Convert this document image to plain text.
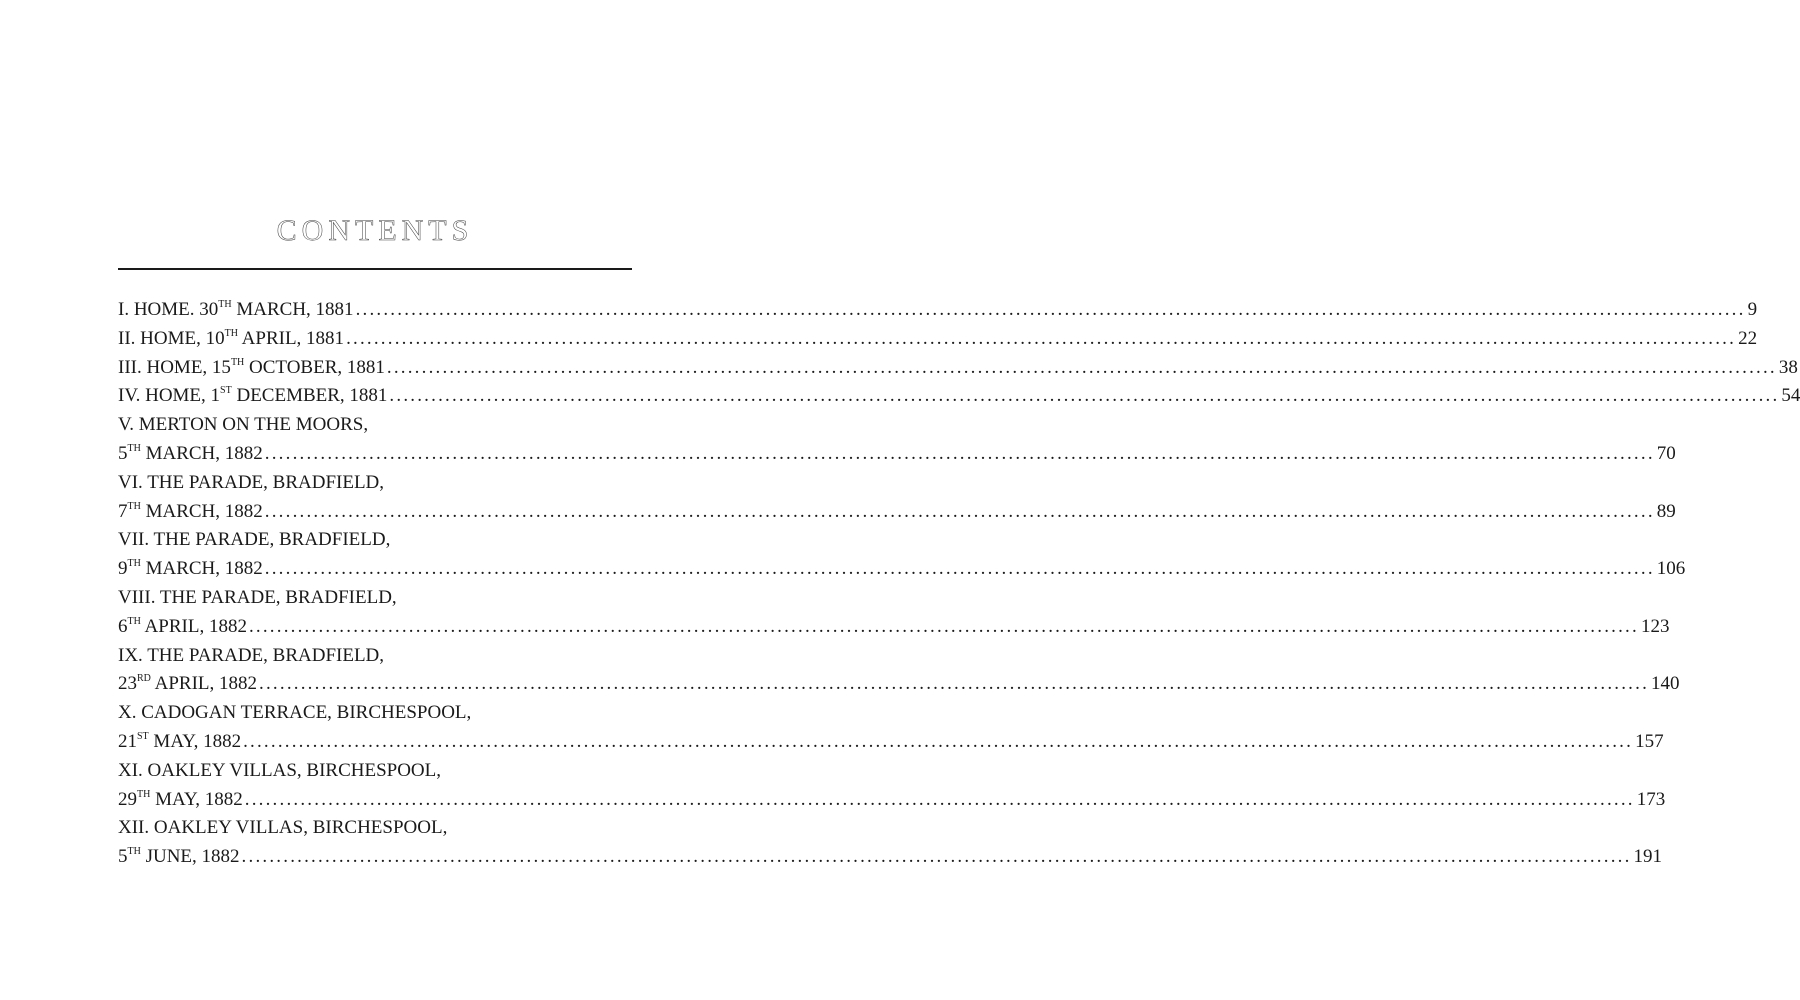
CONTENTS
I. HOME. 30TH MARCH, 1881 ........................................................................................................................................................................................................ 9
II. HOME, 10TH APRIL, 1881 ........................................................................................................................................................................................................ 22
III. HOME, 15TH OCTOBER, 1881 ........................................................................................................................................................................................................ 38
IV. HOME, 1ST DECEMBER, 1881 ........................................................................................................................................................................................................ 54
V. MERTON ON THE MOORS,
5TH MARCH, 1882 ........................................................................................................................................................................................................ 70
VI. THE PARADE, BRADFIELD,
7TH MARCH, 1882 ........................................................................................................................................................................................................ 89
VII. THE PARADE, BRADFIELD,
9TH MARCH, 1882 ........................................................................................................................................................................................................ 106
VIII. THE PARADE, BRADFIELD,
6TH APRIL, 1882 ........................................................................................................................................................................................................ 123
IX. THE PARADE, BRADFIELD,
23RD APRIL, 1882 ........................................................................................................................................................................................................ 140
X. CADOGAN TERRACE, BIRCHESPOOL,
21ST MAY, 1882 ........................................................................................................................................................................................................ 157
XI. OAKLEY VILLAS, BIRCHESPOOL,
29TH MAY, 1882 ........................................................................................................................................................................................................ 173
XII. OAKLEY VILLAS, BIRCHESPOOL,
5TH JUNE, 1882 ........................................................................................................................................................................................................ 191
